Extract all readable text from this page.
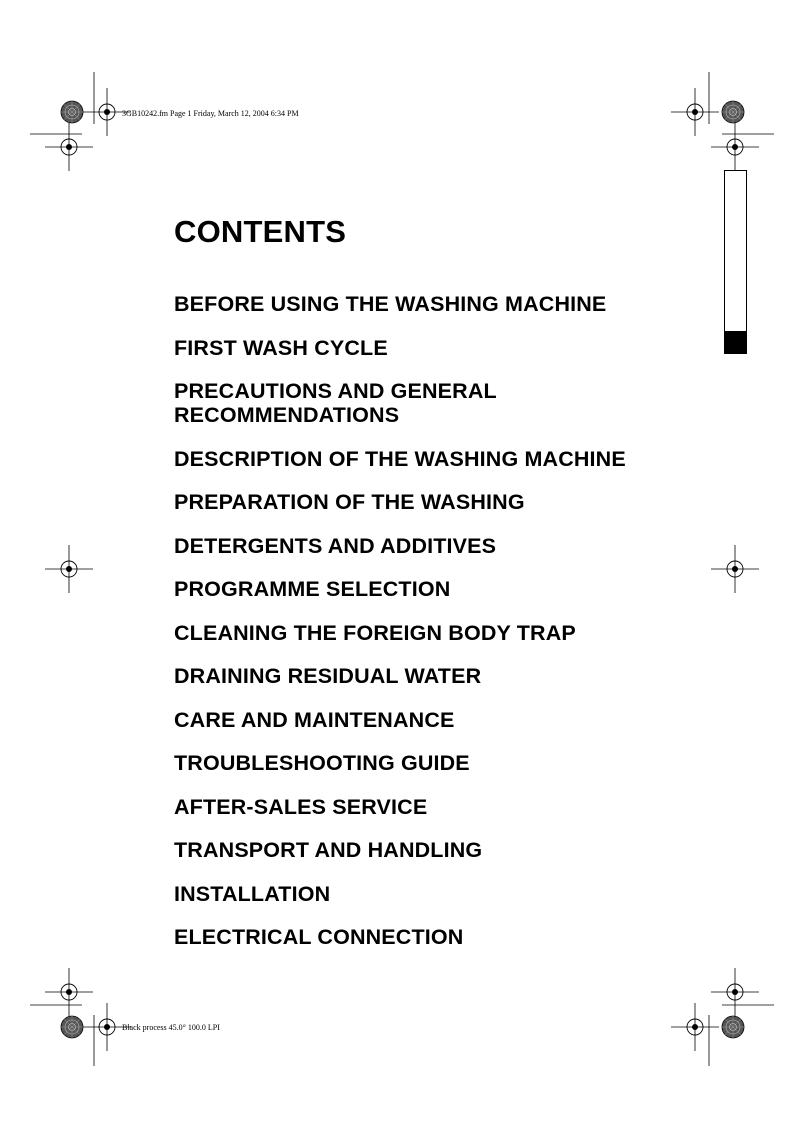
3GB10242.fm Page 1 Friday, March 12, 2004 6:34 PM
CONTENTS
BEFORE USING THE WASHING MACHINE
FIRST WASH CYCLE
PRECAUTIONS AND GENERAL RECOMMENDATIONS
DESCRIPTION OF THE WASHING MACHINE
PREPARATION OF THE WASHING
DETERGENTS AND ADDITIVES
PROGRAMME SELECTION
CLEANING THE FOREIGN BODY TRAP
DRAINING RESIDUAL WATER
CARE AND MAINTENANCE
TROUBLESHOOTING GUIDE
AFTER-SALES SERVICE
TRANSPORT AND HANDLING
INSTALLATION
ELECTRICAL CONNECTION
Black process 45.0° 100.0 LPI
